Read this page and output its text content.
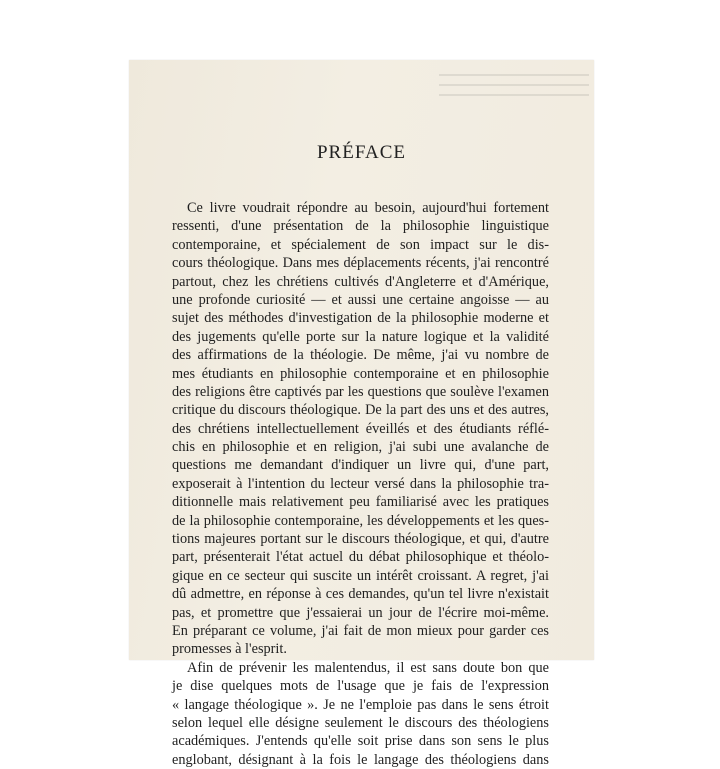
PRÉFACE
Ce livre voudrait répondre au besoin, aujourd'hui fortement
ressenti, d'une présentation de la philosophie linguistique
contemporaine, et spécialement de son impact sur le dis-
cours théologique. Dans mes déplacements récents, j'ai rencontré
partout, chez les chrétiens cultivés d'Angleterre et d'Amérique,
une profonde curiosité — et aussi une certaine angoisse — au
sujet des méthodes d'investigation de la philosophie moderne et
des jugements qu'elle porte sur la nature logique et la validité
des affirmations de la théologie. De même, j'ai vu nombre de
mes étudiants en philosophie contemporaine et en philosophie
des religions être captivés par les questions que soulève l'examen
critique du discours théologique. De la part des uns et des autres,
des chrétiens intellectuellement éveillés et des étudiants réflé-
chis en philosophie et en religion, j'ai subi une avalanche de
questions me demandant d'indiquer un livre qui, d'une part,
exposerait à l'intention du lecteur versé dans la philosophie tra-
ditionnelle mais relativement peu familiarisé avec les pratiques
de la philosophie contemporaine, les développements et les ques-
tions majeures portant sur le discours théologique, et qui, d'autre
part, présenterait l'état actuel du débat philosophique et théolo-
gique en ce secteur qui suscite un intérêt croissant. A regret, j'ai
dû admettre, en réponse à ces demandes, qu'un tel livre n'existait
pas, et promettre que j'essaierai un jour de l'écrire moi-même.
En préparant ce volume, j'ai fait de mon mieux pour garder ces
promesses à l'esprit.
Afin de prévenir les malentendus, il est sans doute bon que
je dise quelques mots de l'usage que je fais de l'expression
« langage théologique ». Je ne l'emploie pas dans le sens étroit
selon lequel elle désigne seulement le discours des théologiens
académiques. J'entends qu'elle soit prise dans son sens le plus
englobant, désignant à la fois le langage des théologiens dans
